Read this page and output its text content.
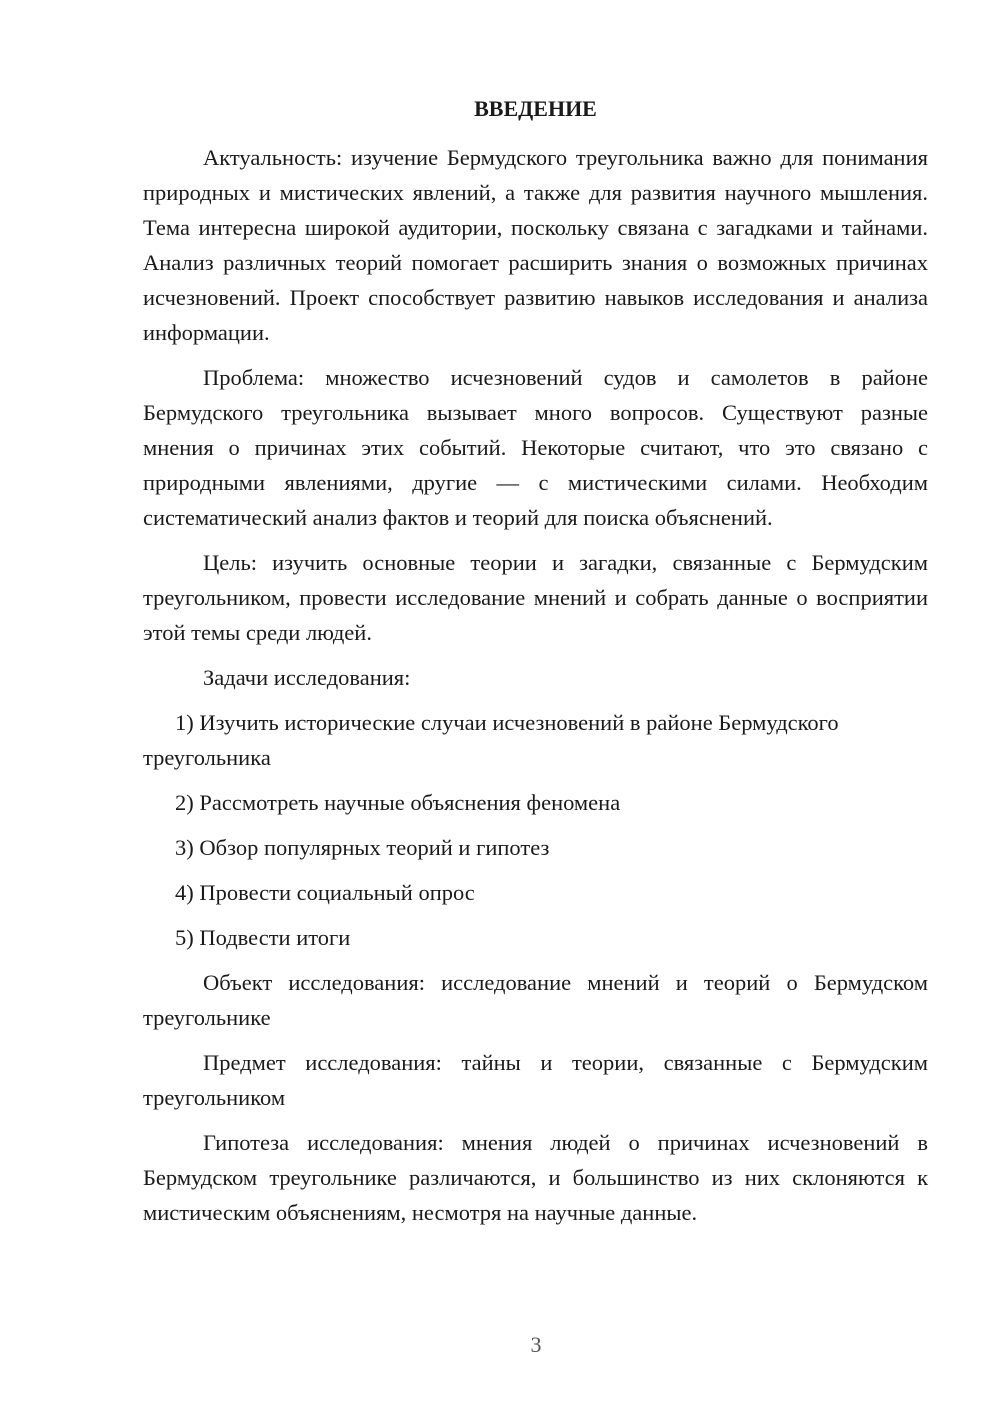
ВВЕДЕНИЕ

Актуальность: изучение Бермудского треугольника важно для понимания природных и мистических явлений, а также для развития научного мышления. Тема интересна широкой аудитории, поскольку связана с загадками и тайнами. Анализ различных теорий помогает расширить знания о возможных причинах исчезновений. Проект способствует развитию навыков исследования и анализа информации.

Проблема: множество исчезновений судов и самолетов в районе Бермудского треугольника вызывает много вопросов. Существуют разные мнения о причинах этих событий. Некоторые считают, что это связано с природными явлениями, другие — с мистическими силами. Необходим систематический анализ фактов и теорий для поиска объяснений.

Цель: изучить основные теории и загадки, связанные с Бермудским треугольником, провести исследование мнений и собрать данные о восприятии этой темы среди людей.

Задачи исследования:

1) Изучить исторические случаи исчезновений в районе Бермудского треугольника

2) Рассмотреть научные объяснения феномена

3) Обзор популярных теорий и гипотез

4) Провести социальный опрос

5) Подвести итоги

Объект исследования: исследование мнений и теорий о Бермудском треугольнике

Предмет исследования: тайны и теории, связанные с Бермудским треугольником

Гипотеза исследования: мнения людей о причинах исчезновений в Бермудском треугольнике различаются, и большинство из них склоняются к мистическим объяснениям, несмотря на научные данные.

3
